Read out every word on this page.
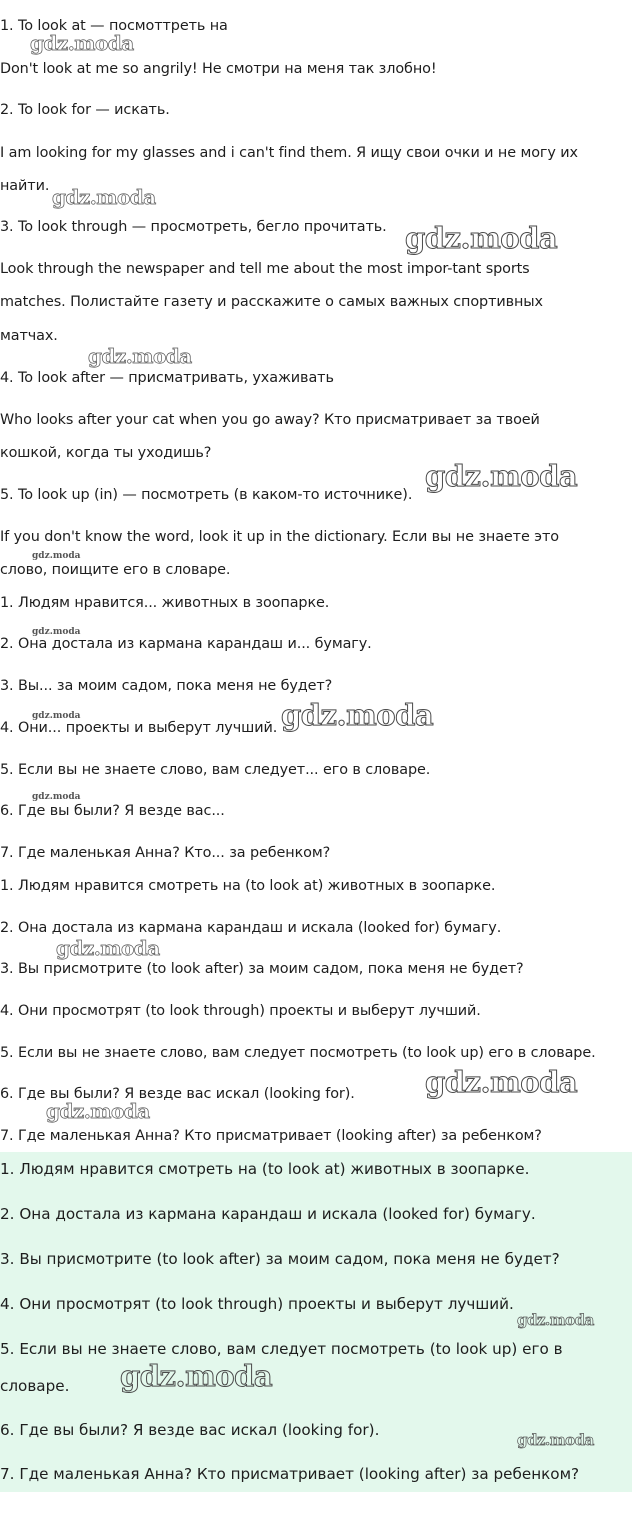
1. To look at — посмоттреть на
Don't look at me so angrily! Не смотри на меня так злобно!
2. To look for — искать.
I am looking for my glasses and i can't find them. Я ищу свои очки и не могу их
найти.
3. To look through — просмотреть, бегло прочитать.
Look through the newspaper and tell me about the most impor-tant sports
matches. Полистайте газету и расскажите о самых важных спортивных
матчах.
4. To look after — присматривать, ухаживать
Who looks after your cat when you go away? Кто присматривает за твоей
кошкой, когда ты уходишь?
5. To look up (in) — посмотреть (в каком-то источнике).
If you don't know the word, look it up in the dictionary. Если вы не знаете это
слово, поищите его в словаре.
1. Людям нравится... животных в зоопарке.
2. Она достала из кармана карандаш и... бумагу.
3. Вы... за моим садом, пока меня не будет?
4. Они... проекты и выберут лучший.
5. Если вы не знаете слово, вам следует... его в словаре.
6. Где вы были? Я везде вас...
7. Где маленькая Анна? Кто... за ребенком?
1. Людям нравится смотреть на (to look at) животных в зоопарке.
2. Она достала из кармана карандаш и искала (looked for) бумагу.
3. Вы присмотрите (to look after) за моим садом, пока меня не будет?
4. Они просмотрят (to look through) проекты и выберут лучший.
5. Если вы не знаете слово, вам следует посмотреть (to look up) его в словаре.
6. Где вы были? Я везде вас искал (looking for).
7. Где маленькая Анна? Кто присматривает (looking after) за ребенком?
1. Людям нравится смотреть на (to look at) животных в зоопарке.
2. Она достала из кармана карандаш и искала (looked for) бумагу.
3. Вы присмотрите (to look after) за моим садом, пока меня не будет?
4. Они просмотрят (to look through) проекты и выберут лучший.
5. Если вы не знаете слово, вам следует посмотреть (to look up) его в
словаре.
6. Где вы были? Я везде вас искал (looking for).
7. Где маленькая Анна? Кто присматривает (looking after) за ребенком?
gdz.moda
gdz.moda
gdz.moda
gdz.moda
gdz.moda
gdz.moda
gdz.moda
gdz.moda	gdz.moda
gdz.moda
gdz.moda
gdz.moda
gdz.moda
gdz.moda
gdz.moda
gdz.moda
